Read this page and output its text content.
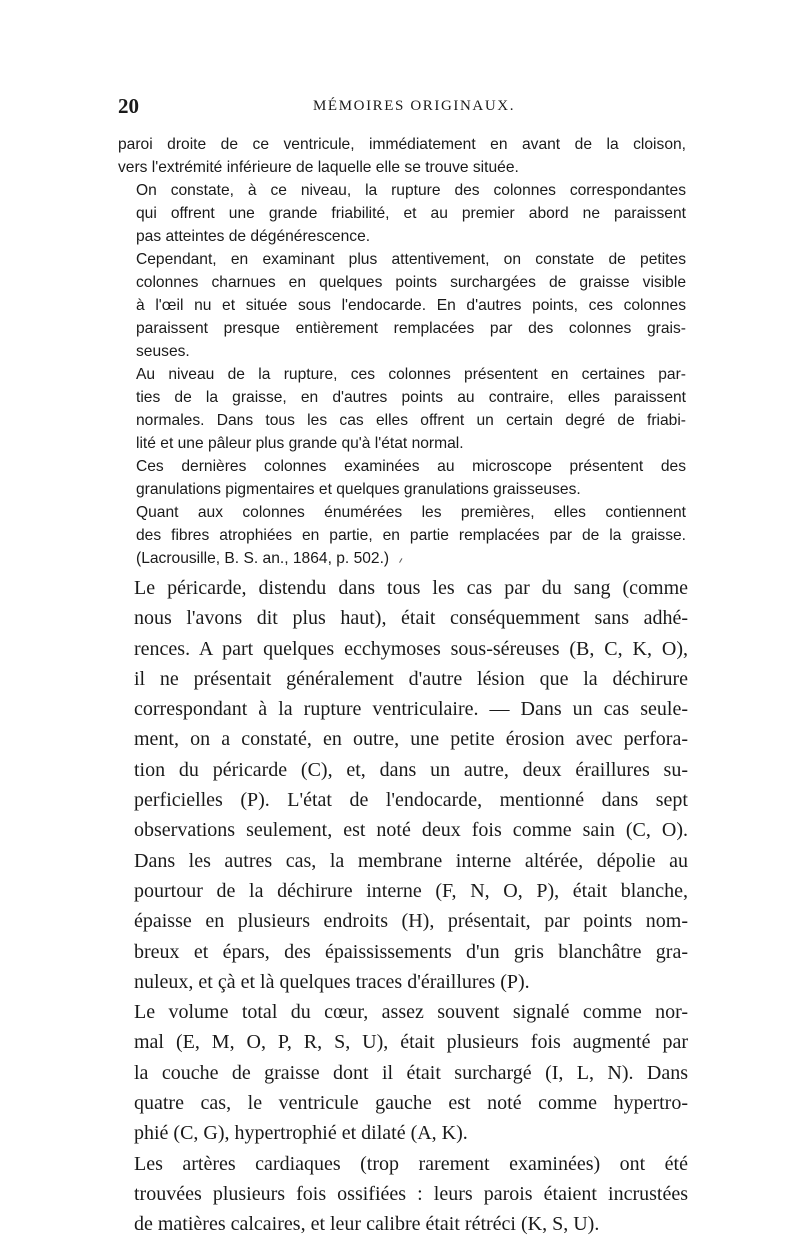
20	MÉMOIRES ORIGINAUX.

paroi droite de ce ventricule, immédiatement en avant de la cloison,
vers l'extrémité inférieure de laquelle elle se trouve située.

On constate, à ce niveau, la rupture des colonnes correspondantes
qui offrent une grande friabilité, et au premier abord ne paraissent
pas atteintes de dégénérescence.

Cependant, en examinant plus attentivement, on constate de petites
colonnes charnues en quelques points surchargées de graisse visible
à l'œil nu et située sous l'endocarde. En d'autres points, ces colonnes
paraissent presque entièrement remplacées par des colonnes grais-
seuses.

Au niveau de la rupture, ces colonnes présentent en certaines par-
ties de la graisse, en d'autres points au contraire, elles paraissent
normales. Dans tous les cas elles offrent un certain degré de friabi-
lité et une pâleur plus grande qu'à l'état normal.

Ces dernières colonnes examinées au microscope présentent des
granulations pigmentaires et quelques granulations graisseuses.

Quant aux colonnes énumérées les premières, elles contiennent
des fibres atrophiées en partie, en partie remplacées par de la graisse.
(Lacrousille, B. S. an., 1864, p. 502.)

Le péricarde, distendu dans tous les cas par du sang (comme
nous l'avons dit plus haut), était conséquemment sans adhé-
rences. A part quelques ecchymoses sous-séreuses (B, C, K, O),
il ne présentait généralement d'autre lésion que la déchirure
correspondant à la rupture ventriculaire. — Dans un cas seule-
ment, on a constaté, en outre, une petite érosion avec perfora-
tion du péricarde (C), et, dans un autre, deux éraillures su-
perficielles (P). L'état de l'endocarde, mentionné dans sept
observations seulement, est noté deux fois comme sain (C, O).
Dans les autres cas, la membrane interne altérée, dépolie au
pourtour de la déchirure interne (F, N, O, P), était blanche,
épaisse en plusieurs endroits (H), présentait, par points nom-
breux et épars, des épaississements d'un gris blanchâtre gra-
nuleux, et çà et là quelques traces d'éraillures (P).

Le volume total du cœur, assez souvent signalé comme nor-
mal (E, M, O, P, R, S, U), était plusieurs fois augmenté par
la couche de graisse dont il était surchargé (I, L, N). Dans
quatre cas, le ventricule gauche est noté comme hypertro-
phié (C, G), hypertrophié et dilaté (A, K).

Les artères cardiaques (trop rarement examinées) ont été
trouvées plusieurs fois ossifiées : leurs parois étaient incrustées
de matières calcaires, et leur calibre était rétréci (K, S, U).
